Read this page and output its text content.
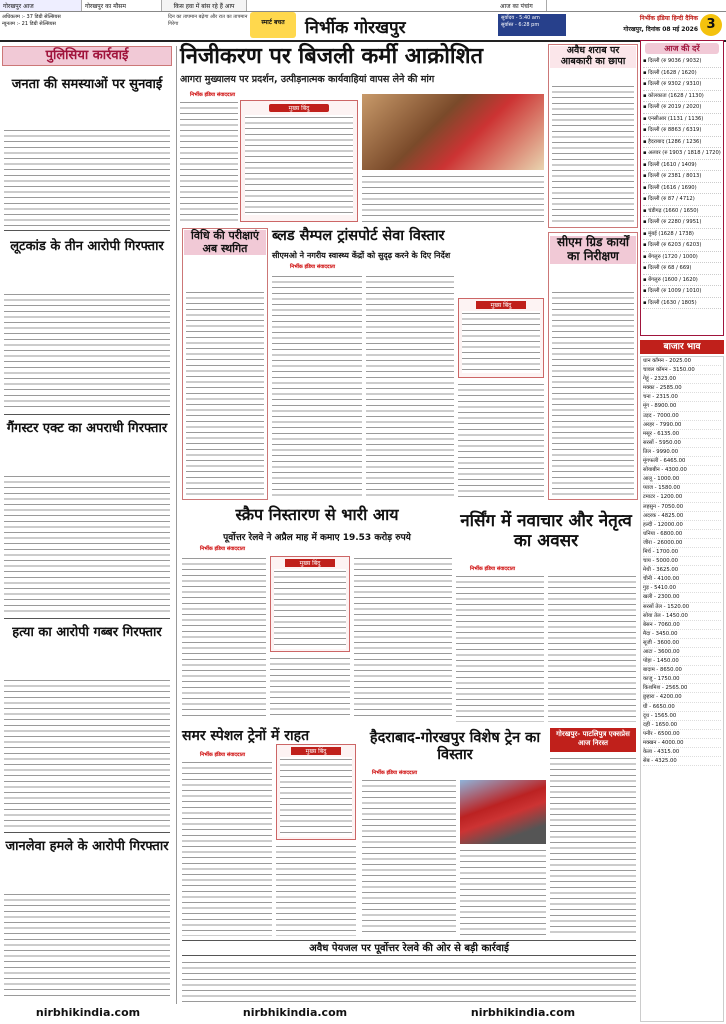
गोरखपुर आज	गोरखपुर का मौसम	किस हवा में बांस रहे हैं आप	आज का पंचांग
अधिकतम :- 37 डिग्री सेल्सियस
न्यूनतम :- 21 डिग्री सेल्सियस
दिन का तापमान बढ़ेगा और रात का तापमान गिरेगा	स्मार्ट बचत	निर्भीक गोरखपुर	सूर्योदय - 5:40 am
सूर्यास्त - 6:28 pm
निर्भीक इंडिया हिन्दी दैनिक
गोरखपुर, दिनांक 08 मई 2026 3
पुलिसिया कार्रवाई
जनता की समस्याओं पर सुनवाई
लूटकांड के तीन आरोपी गिरफ्तार
गैंगस्टर एक्ट का अपराधी गिरफ्तार
हत्या का आरोपी गब्बर गिरफ्तार
जानलेवा हमले के आरोपी गिरफ्तार
निजीकरण पर बिजली कर्मी आक्रोशित
आगरा मुख्यालय पर प्रदर्शन, उत्पीड़नात्मक कार्यवाहियां वापस लेने की मांग
निर्भीक इंडिया संवाददाता
मुख्य बिंदु
विधि की परीक्षाएं अब स्थगित
ब्लड सैम्पल ट्रांसपोर्ट सेवा विस्तार
सीएमओ ने नगरीय स्वास्थ्य केंद्रों को सुदृढ़ करने के दिए निर्देश
निर्भीक इंडिया संवाददाता
मुख्य बिंदु
स्क्रैप निस्तारण से भारी आय
पूर्वोत्तर रेलवे ने अप्रैल माह में कमाए 19.53 करोड़ रुपये
निर्भीक इंडिया संवाददाता
मुख्य बिंदु
नर्सिंग में नवाचार और नेतृत्व का अवसर
निर्भीक इंडिया संवाददाता
समर स्पेशल ट्रेनों में राहत
निर्भीक इंडिया संवाददाता	मुख्य बिंदु
हैदराबाद-गोरखपुर विशेष ट्रेन का विस्तार
निर्भीक इंडिया संवाददाता
गोरखपुर- पाटलिपुत्र एक्सप्रेस आज निरस्त
अवैध पेयजल पर पूर्वोत्तर रेलवे की ओर से बड़ी कार्रवाई
अवैध शराब पर आबकारी का छापा
सीएम ग्रिड कार्यों का निरीक्षण
आज की दरें
▪ दिल्ली (रु 9036 / 9032)
▪ दिल्ली (1628 / 1620)
▪ दिल्ली (रु 9302 / 9310)
▪ कोलकाता (1628 / 1130)
▪ दिल्ली (रु 2019 / 2020)
▪ एनसीआर (1131 / 1136)
▪ दिल्ली (रु 8863 / 6319)
▪ हैदराबाद (1286 / 1236)
▪ अलवर (रु 1903 / 1818 / 1720)
▪ दिल्ली (1610 / 1409)
▪ दिल्ली (रु 2381 / 8013)
▪ दिल्ली (1616 / 1690)
▪ दिल्ली (रु 87 / 4712)
▪ चंडीगढ़ (1660 / 1650)
▪ दिल्ली (रु 2280 / 9951)
▪ मुंबई (1628 / 1738)
▪ दिल्ली (रु 6203 / 6203)
▪ बेंगलुरु (1720 / 1000)
▪ दिल्ली (रु 68 / 669)
▪ बेंगलुरु (1600 / 1620)
▪ दिल्ली (रु 1009 / 1010)
▪ दिल्ली (1630 / 1805)
बाजार भाव
धान कॉमन - 2025.00
चावल कॉमन - 3150.00
गेहूं - 2323.00
मक्का - 2585.00
चना - 2315.00
मूंग - 8900.00
उड़द - 7000.00
अरहर - 7990.00
मसूर - 6135.00
सरसों - 5950.00
तिल - 9990.00
मूंगफली - 6465.00
सोयाबीन - 4300.00
आलू - 1000.00
प्याज - 1580.00
टमाटर - 1200.00
लहसुन - 7050.00
अदरक - 4825.00
हल्दी - 12000.00
धनिया - 6800.00
जीरा - 26000.00
मिर्च - 1700.00
चाय - 5000.00
मेथी - 3625.00
चीनी - 4100.00
गुड़ - 5410.00
खली - 2300.00
सरसों तेल - 1520.00
सोया तेल - 1450.00
बेसन - 7060.00
मैदा - 3450.00
सूजी - 3600.00
आटा - 3600.00
पोहा - 1450.00
बादाम - 8650.00
काजू - 1750.00
किशमिश - 2565.00
छुहारा - 4200.00
घी - 6650.00
दूध - 1565.00
दही - 1650.00
पनीर - 6500.00
मक्खन - 4000.00
केला - 4315.00
सेब - 4325.00
nirbhikindia.com	nirbhikindia.com	nirbhikindia.com
